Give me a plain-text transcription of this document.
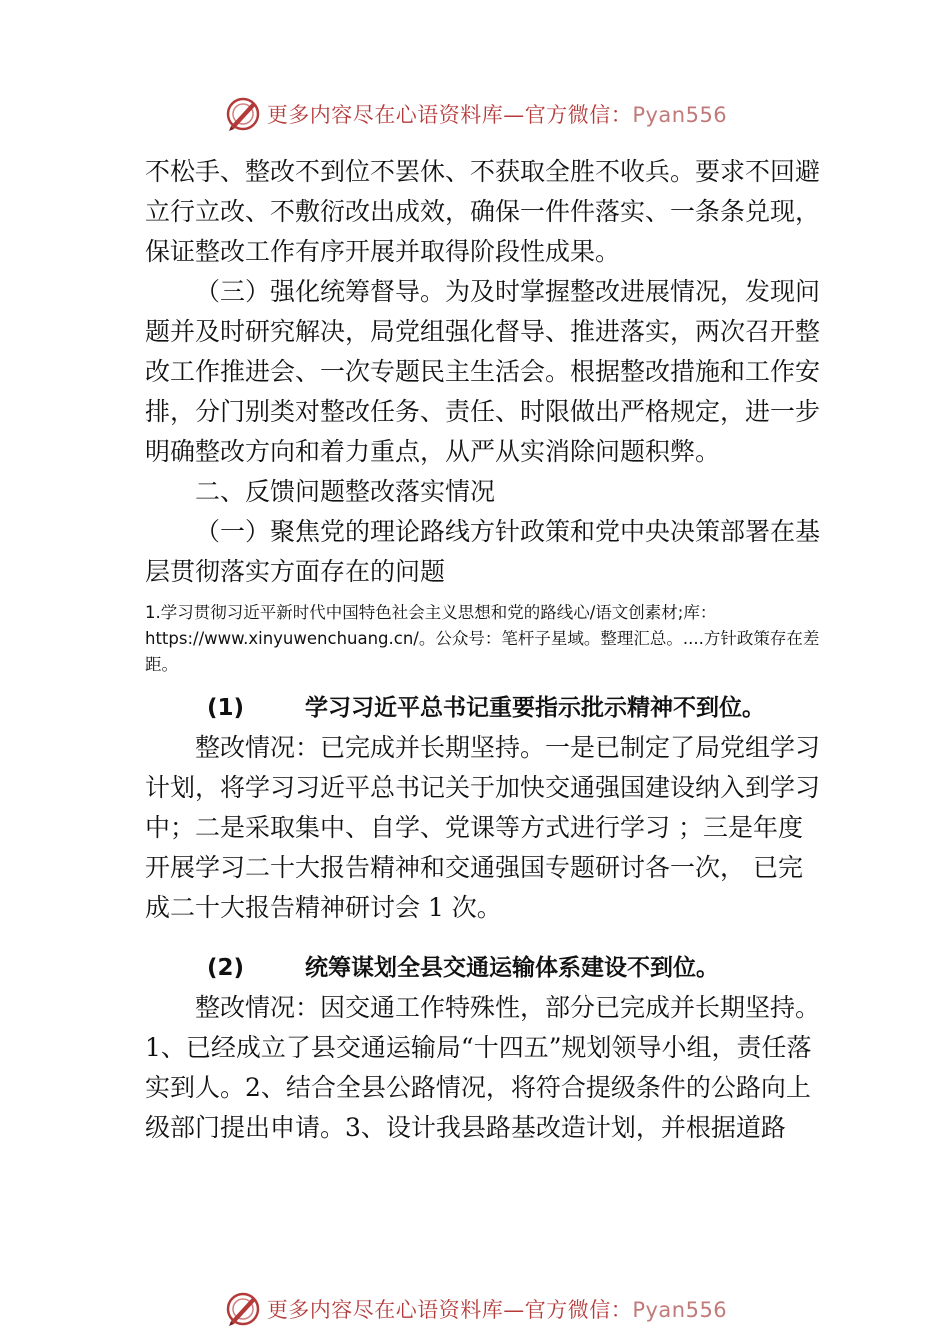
更多内容尽在心语资料库—官方微信：Pyan556

不松手、整改不到位不罢休、不获取全胜不收兵。要求不回避立行立改、不敷衍改出成效，确保一件件落实、一条条兑现，保证整改工作有序开展并取得阶段性成果。

（三）强化统筹督导。为及时掌握整改进展情况，发现问题并及时研究解决，局党组强化督导、推进落实，两次召开整改工作推进会、一次专题民主生活会。根据整改措施和工作安排，分门别类对整改任务、责任、时限做出严格规定，进一步明确整改方向和着力重点，从严从实消除问题积弊。

二、反馈问题整改落实情况

（一）聚焦党的理论路线方针政策和党中央决策部署在基层贯彻落实方面存在的问题

1.学习贯彻习近平新时代中国特色社会主义思想和党的路线心/语文创素材;库：https://www.xinyuwenchuang.cn/。公众号：笔杆子星域。整理汇总。....方针政策存在差距。
(1)	学习习近平总书记重要指示批示精神不到位。

整改情况：已完成并长期坚持。一是已制定了局党组学习计划，将学习习近平总书记关于加快交通强国建设纳入到学习中；二是采取集中、自学、党课等方式进行学习 ；三是年度开展学习二十大报告精神和交通强国专题研讨各一次， 已完成二十大报告精神研讨会 1 次。

(2)	统筹谋划全县交通运输体系建设不到位。

整改情况：因交通工作特殊性，部分已完成并长期坚持。

1、已经成立了县交通运输局“十四五”规划领导小组，责任落实到人。2、结合全县公路情况，将符合提级条件的公路向上级部门提出申请。3、设计我县路基改造计划，并根据道路

更多内容尽在心语资料库—官方微信：Pyan556
